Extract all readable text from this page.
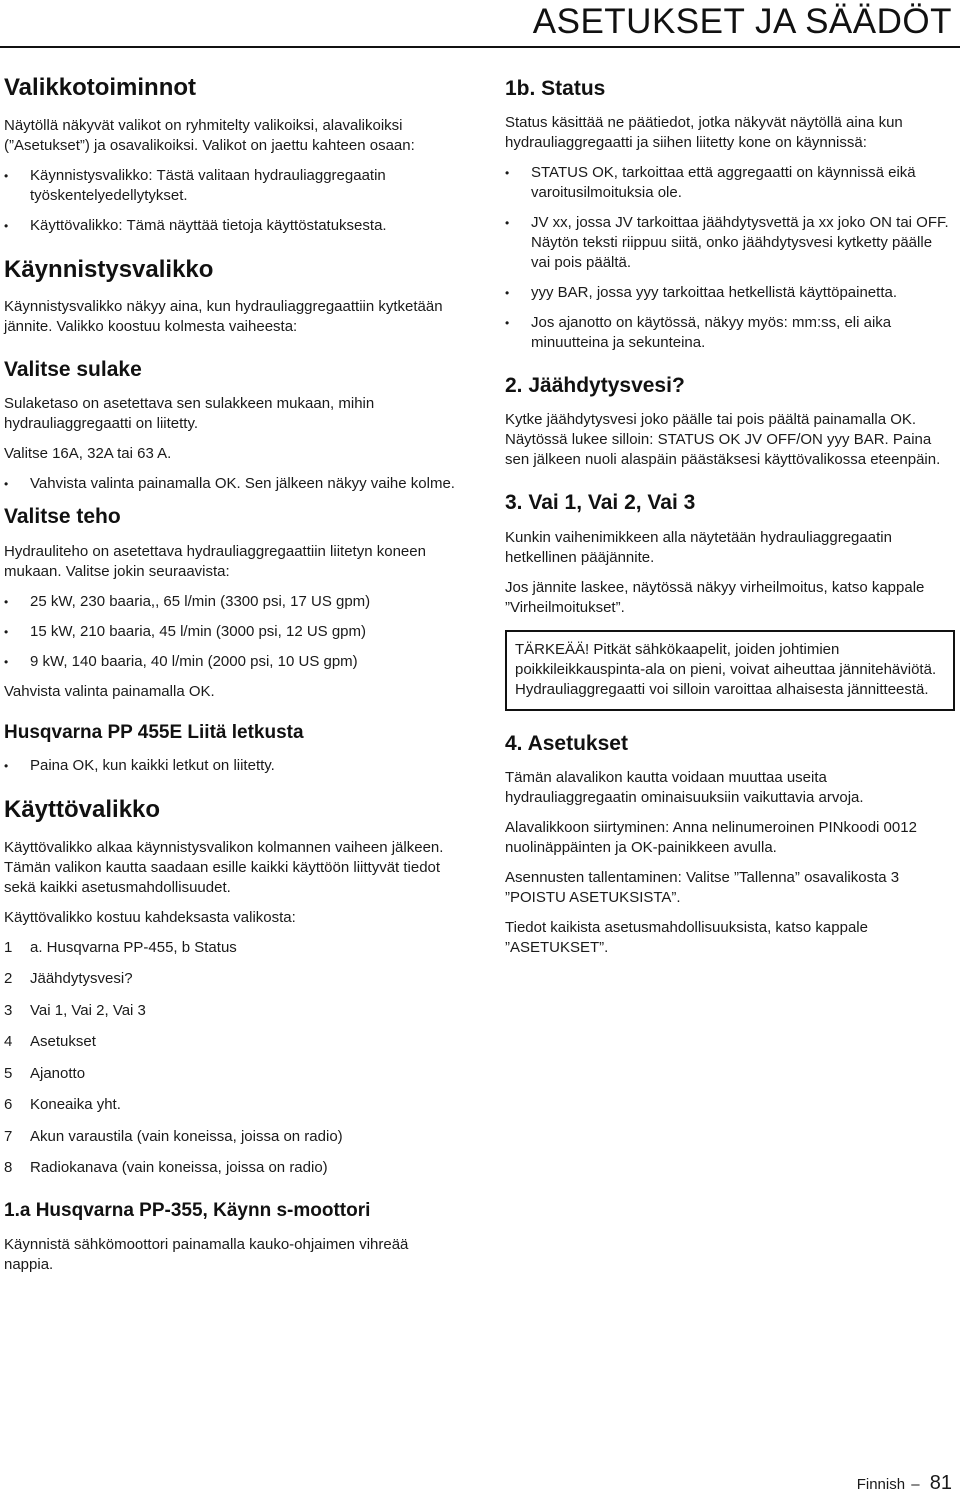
ASETUKSET JA SÄÄDÖT
Valikkotoiminnot

Näytöllä näkyvät valikot on ryhmitelty valikoiksi, alavalikoiksi (”Asetukset”) ja osavalikoiksi. Valikot on jaettu kahteen osaan:

•	Käynnistysvalikko: Tästä valitaan hydrauliaggregaatin työskentelyedellytykset.
•	Käyttövalikko: Tämä näyttää tietoja käyttöstatuksesta.
Käynnistysvalikko

Käynnistysvalikko näkyy aina, kun hydrauliaggregaattiin kytketään jännite. Valikko koostuu kolmesta vaiheesta:

Valitse sulake

Sulaketaso on asetettava sen sulakkeen mukaan, mihin hydrauliaggregaatti on liitetty.

Valitse 16A, 32A tai 63 A.

•	Vahvista valinta painamalla OK. Sen jälkeen näkyy vaihe kolme.
Valitse teho

Hydrauliteho on asetettava hydrauliaggregaattiin liitetyn koneen mukaan. Valitse jokin seuraavista:

•	25 kW, 230 baaria,, 65 l/min (3300 psi, 17 US gpm)
•	15 kW, 210 baaria, 45 l/min (3000 psi, 12 US gpm)
•	9 kW, 140 baaria, 40 l/min (2000 psi, 10 US gpm)

Vahvista valinta painamalla OK.

Husqvarna PP 455E Liitä letkusta
•	Paina OK, kun kaikki letkut on liitetty.
Käyttövalikko

Käyttövalikko alkaa käynnistysvalikon kolmannen vaiheen jälkeen. Tämän valikon kautta saadaan esille kaikki käyttöön liittyvät tiedot sekä kaikki asetusmahdollisuudet.

Käyttövalikko kostuu kahdeksasta valikosta:

1	a. Husqvarna PP-455, b Status
2	Jäähdytysvesi?
3	Vai 1, Vai 2, Vai 3
4	Asetukset
5	Ajanotto
6	Koneaika yht.
7	Akun varaustila (vain koneissa, joissa on radio)
8	Radiokanava (vain koneissa, joissa on radio)
1.a Husqvarna PP-355, Käynn s-moottori

Käynnistä sähkömoottori painamalla kauko-ohjaimen vihreää nappia.

1b. Status

Status käsittää ne päätiedot, jotka näkyvät näytöllä aina kun hydrauliaggregaatti ja siihen liitetty kone on käynnissä:

•	STATUS OK, tarkoittaa että aggregaatti on käynnissä eikä varoitusilmoituksia ole.
•	JV xx, jossa JV tarkoittaa jäähdytysvettä ja xx joko ON tai OFF. Näytön teksti riippuu siitä, onko jäähdytysvesi kytketty päälle vai pois päältä.
•	yyy BAR, jossa yyy tarkoittaa hetkellistä käyttöpainetta.
•	Jos ajanotto on käytössä, näkyy myös: mm:ss, eli aika minuutteina ja sekunteina.
2. Jäähdytysvesi?

Kytke jäähdytysvesi joko päälle tai pois päältä painamalla OK. Näytössä lukee silloin: STATUS OK JV OFF/ON yyy BAR. Paina sen jälkeen nuoli alaspäin päästäksesi käyttövalikossa eteenpäin.

3. Vai 1, Vai 2, Vai 3

Kunkin vaihenimikkeen alla näytetään hydrauliaggregaatin hetkellinen pääjännite.

Jos jännite laskee, näytössä näkyy virheilmoitus, katso kappale ”Virheilmoitukset”.

TÄRKEÄÄ! Pitkät sähkökaapelit, joiden johtimien poikkileikkauspinta-ala on pieni, voivat aiheuttaa jännitehäviötä. Hydrauliaggregaatti voi silloin varoittaa alhaisesta jännitteestä.

4. Asetukset

Tämän alavalikon kautta voidaan muuttaa useita hydrauliaggregaatin ominaisuuksiin vaikuttavia arvoja.

Alavalikkoon siirtyminen: Anna nelinumeroinen PINkoodi 0012 nuolinäppäinten ja OK-painikkeen avulla.

Asennusten tallentaminen: Valitse ”Tallenna” osavalikosta 3 ”POISTU ASETUKSISTA”.

Tiedot kaikista asetusmahdollisuuksista, katso kappale ”ASETUKSET”.

Finnish – 81
